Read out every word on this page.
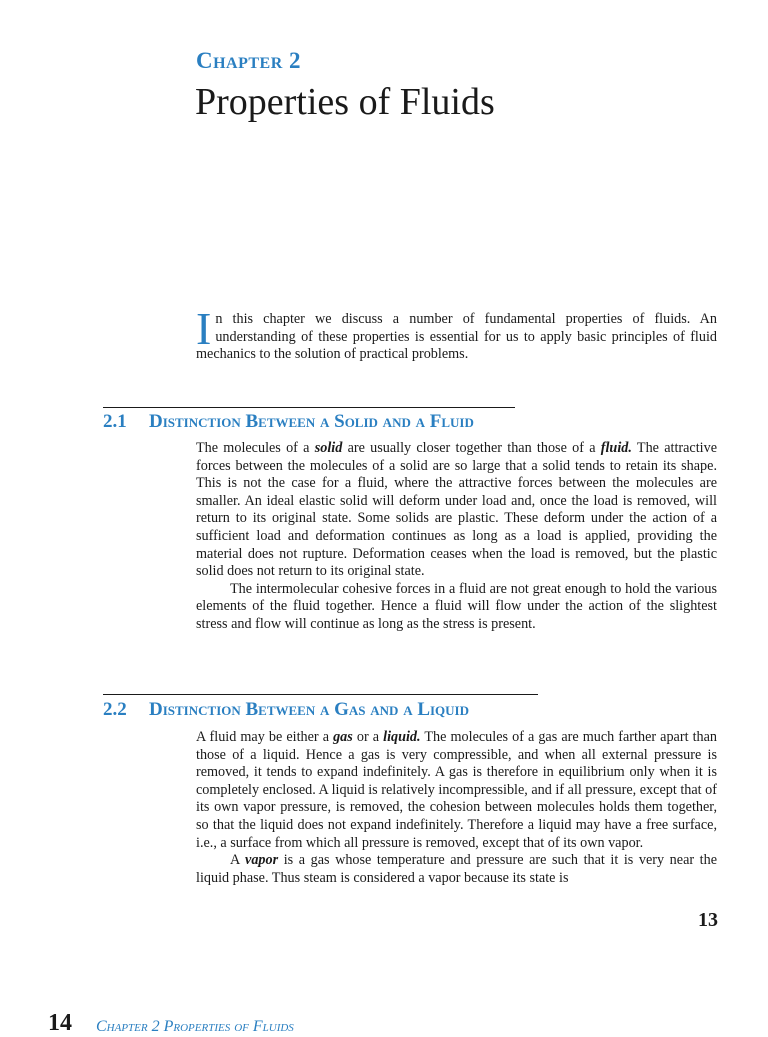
Chapter 2
Properties of Fluids
In this chapter we discuss a number of fundamental properties of fluids. An understanding of these properties is essential for us to apply basic principles of fluid mechanics to the solution of practical problems.
2.1 Distinction Between a Solid and a Fluid

The molecules of a solid are usually closer together than those of a fluid. The attractive forces between the molecules of a solid are so large that a solid tends to retain its shape. This is not the case for a fluid, where the attractive forces between the molecules are smaller. An ideal elastic solid will deform under load and, once the load is removed, will return to its original state. Some solids are plastic. These deform under the action of a sufficient load and deformation continues as long as a load is applied, providing the material does not rupture. Deformation ceases when the load is removed, but the plastic solid does not return to its original state.

The intermolecular cohesive forces in a fluid are not great enough to hold the various elements of the fluid together. Hence a fluid will flow under the action of the slightest stress and flow will continue as long as the stress is present.

2.2 Distinction Between a Gas and a Liquid

A fluid may be either a gas or a liquid. The molecules of a gas are much farther apart than those of a liquid. Hence a gas is very compressible, and when all external pressure is removed, it tends to expand indefinitely. A gas is therefore in equilibrium only when it is completely enclosed. A liquid is relatively incompressible, and if all pressure, except that of its own vapor pressure, is removed, the cohesion between molecules holds them together, so that the liquid does not expand indefinitely. Therefore a liquid may have a free surface, i.e., a surface from which all pressure is removed, except that of its own vapor.

A vapor is a gas whose temperature and pressure are such that it is very near the liquid phase. Thus steam is considered a vapor because its state is

13
14 Chapter 2 Properties of Fluids
